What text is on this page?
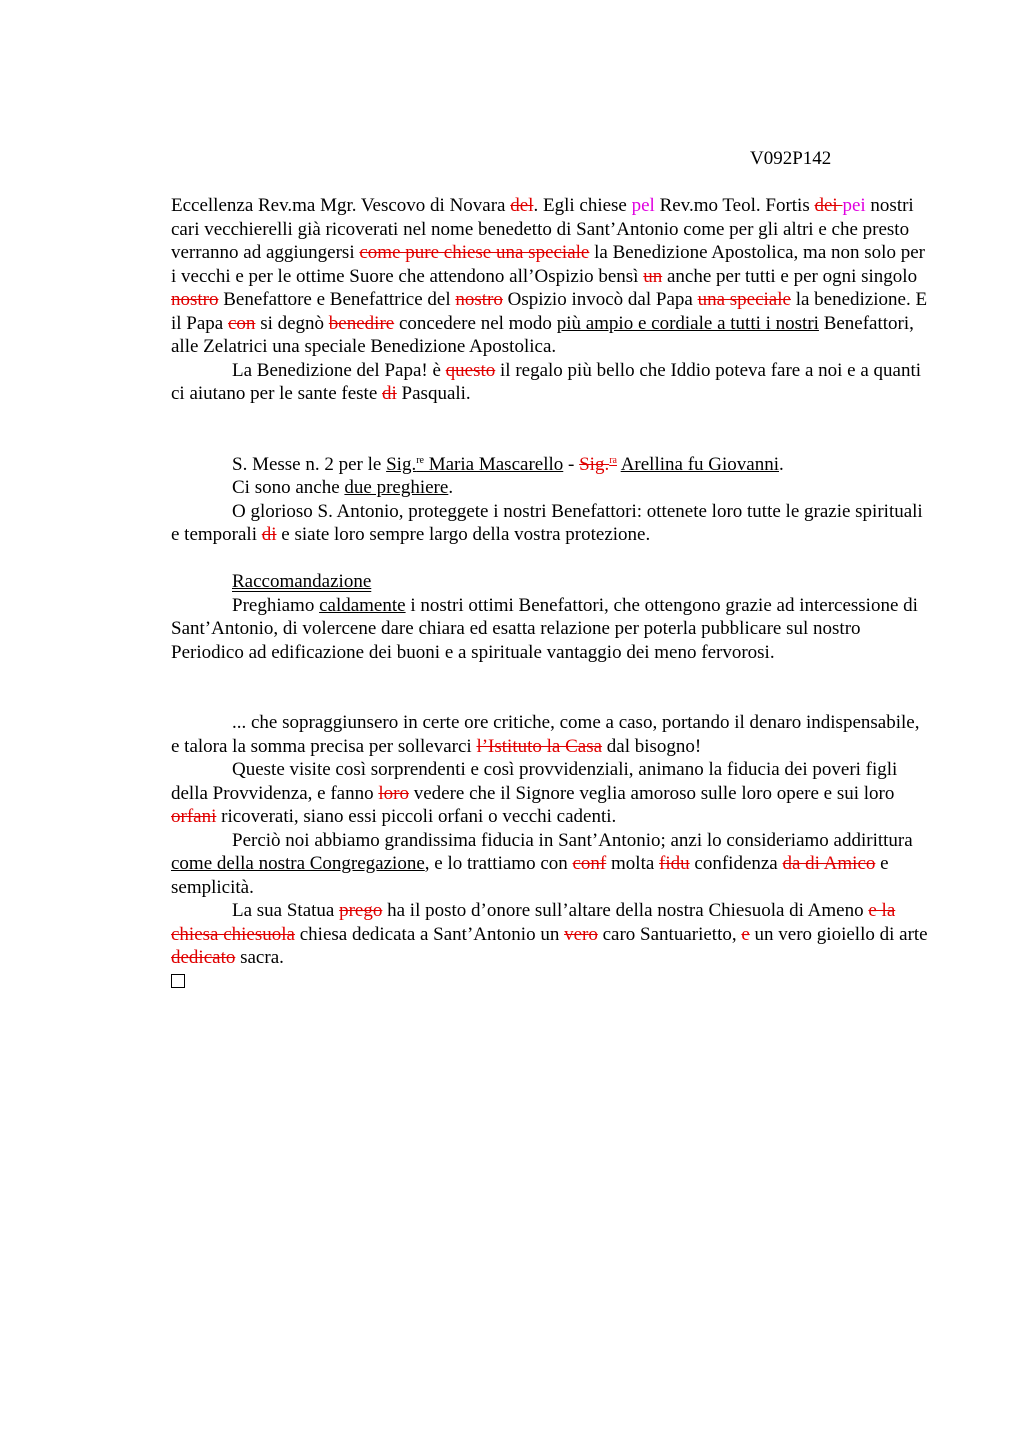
V092P142

Eccellenza Rev.ma Mgr. Vescovo di Novara del. Egli chiese pel Rev.mo Teol. Fortis dei pei nostri cari vecchierelli già ricoverati nel nome benedetto di Sant’Antonio come per gli altri e che presto verranno ad aggiungersi come pure chiese una speciale la Benedizione Apostolica, ma non solo per i vecchi e per le ottime Suore che attendono all’Ospizio bensì un anche per tutti e per ogni singolo nostro Benefattore e Benefattrice del nostro Ospizio invocò dal Papa una speciale la benedizione. E il Papa con si degnò benedire concedere nel modo più ampio e cordiale a tutti i nostri Benefattori, alle Zelatrici una speciale Benedizione Apostolica.

La Benedizione del Papa! è questo il regalo più bello che Iddio poteva fare a noi e a quanti ci aiutano per le sante feste di Pasquali.

S. Messe n. 2 per le Sig.$^{re}$ Maria Mascarello - Sig.$^{ra}$ Arellina fu Giovanni.

Ci sono anche due preghiere.

O glorioso S. Antonio, proteggete i nostri Benefattori: ottenete loro tutte le grazie spirituali e temporali di e siate loro sempre largo della vostra protezione.

Raccomandazione

Preghiamo caldamente i nostri ottimi Benefattori, che ottengono grazie ad intercessione di Sant’Antonio, di volercene dare chiara ed esatta relazione per poterla pubblicare sul nostro Periodico ad edificazione dei buoni e a spirituale vantaggio dei meno fervorosi.

... che sopraggiunsero in certe ore critiche, come a caso, portando il denaro indispensabile, e talora la somma precisa per sollevarci l’Istituto la Casa dal bisogno!

Queste visite così sorprendenti e così provvidenziali, animano la fiducia dei poveri figli della Provvidenza, e fanno loro vedere che il Signore veglia amoroso sulle loro opere e sui loro orfani ricoverati, siano essi piccoli orfani o vecchi cadenti.

Perciò noi abbiamo grandissima fiducia in Sant’Antonio; anzi lo consideriamo addirittura come della nostra Congregazione, e lo trattiamo con conf molta fidu confidenza da di Amico e semplicità.

La sua Statua prego ha il posto d’onore sull’altare della nostra Chiesuola di Ameno e la chiesa chiesuola chiesa dedicata a Sant’Antonio un vero caro Santuarietto, e un vero gioiello di arte dedicato sacra.
